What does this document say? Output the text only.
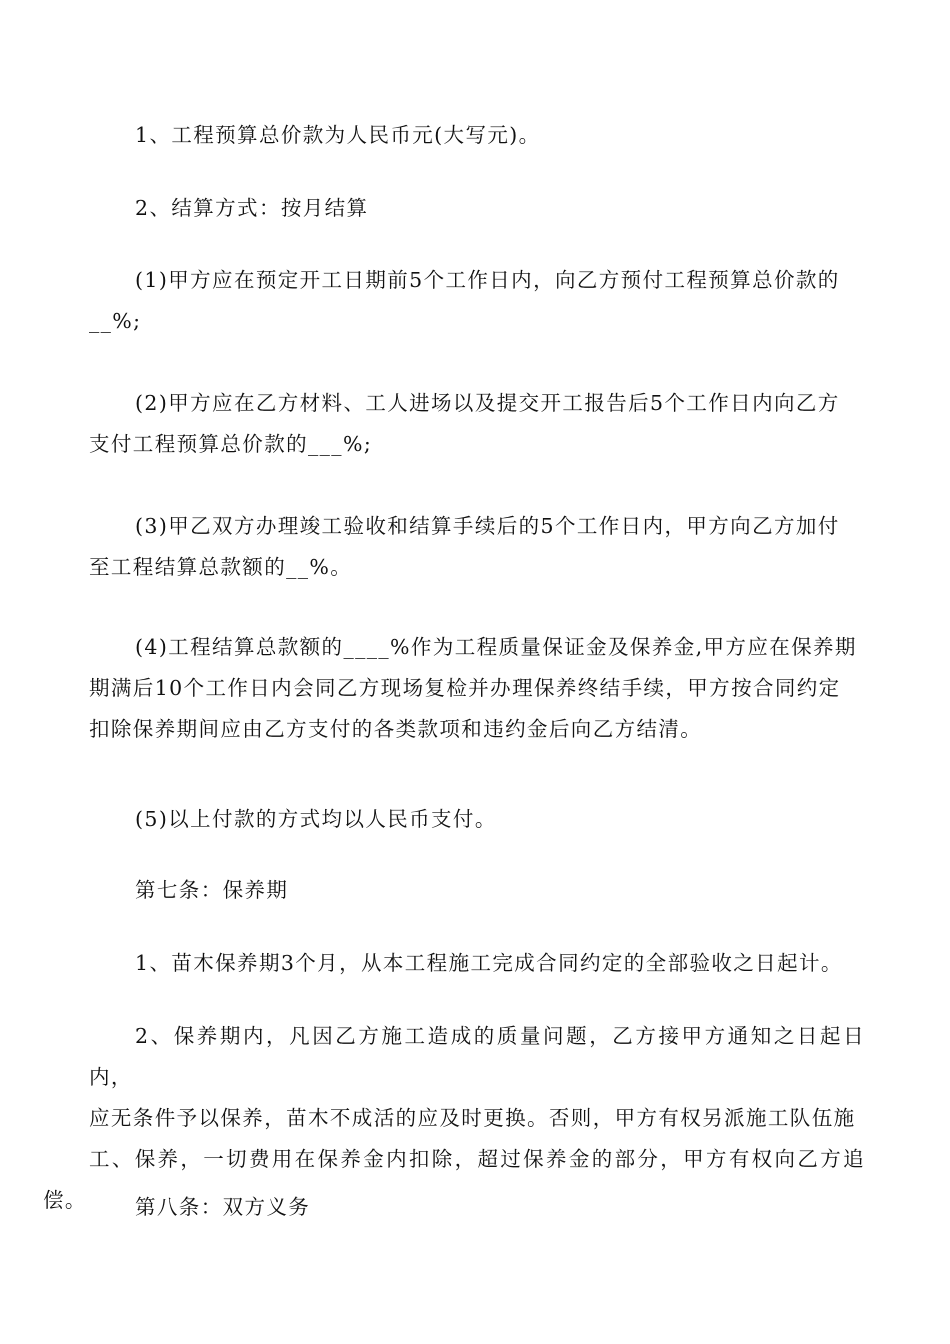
1、工程预算总价款为人民币元(大写元)。

2、结算方式：按月结算

(1)甲方应在预定开工日期前5个工作日内，向乙方预付工程预算总价款的
__%;

(2)甲方应在乙方材料、工人进场以及提交开工报告后5个工作日内向乙方
支付工程预算总价款的___%;

(3)甲乙双方办理竣工验收和结算手续后的5个工作日内，甲方向乙方加付
至工程结算总款额的__%。

(4)工程结算总款额的____%作为工程质量保证金及保养金,甲方应在保养期
期满后10个工作日内会同乙方现场复检并办理保养终结手续，甲方按合同约定
扣除保养期间应由乙方支付的各类款项和违约金后向乙方结清。

(5)以上付款的方式均以人民币支付。

第七条：保养期

1、苗木保养期3个月，从本工程施工完成合同约定的全部验收之日起计。

2、保养期内，凡因乙方施工造成的质量问题，乙方接甲方通知之日起日内，
应无条件予以保养，苗木不成活的应及时更换。否则，甲方有权另派施工队伍施
工、保养，一切费用在保养金内扣除，超过保养金的部分，甲方有权向乙方追偿。	第八条：双方义务
